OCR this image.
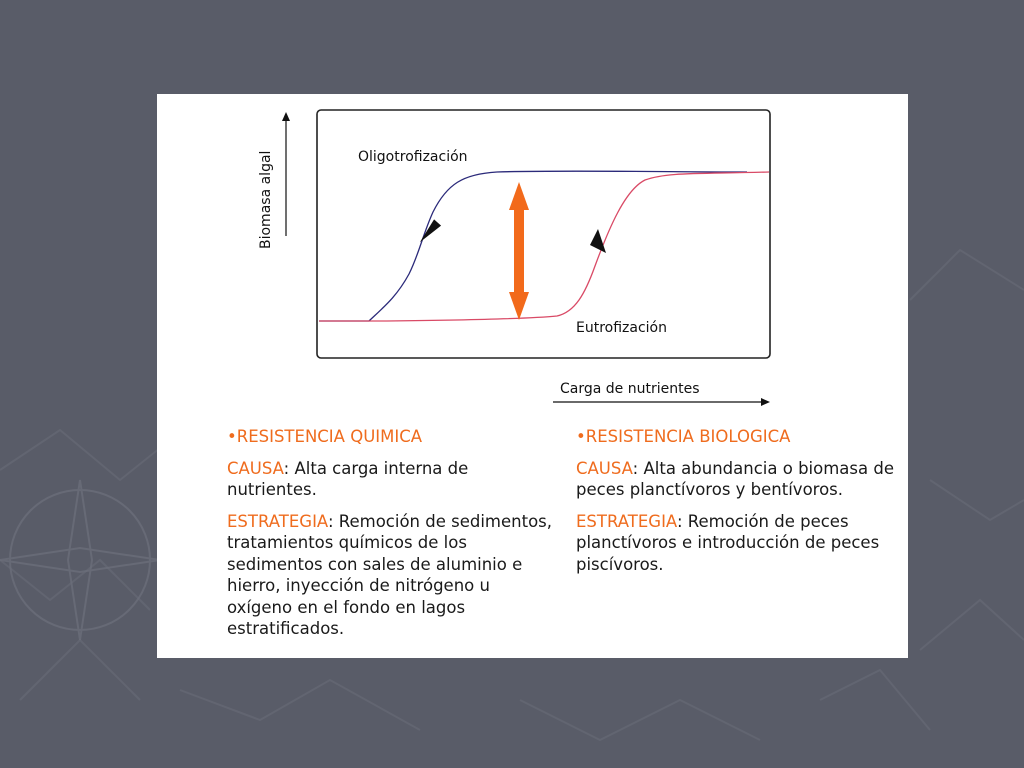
Biomasa algal
Carga de nutrientes
Oligotrofización
Eutrofización

•RESISTENCIA QUIMICA

CAUSA: Alta carga interna de nutrientes.

ESTRATEGIA: Remoción de sedimentos, tratamientos químicos de los sedimentos con sales de aluminio e hierro, inyección de nitrógeno u oxígeno en el fondo en lagos estratificados.

•RESISTENCIA BIOLOGICA

CAUSA: Alta abundancia o biomasa de peces planctívoros y bentívoros.

ESTRATEGIA: Remoción de peces planctívoros e introducción de peces piscívoros.
